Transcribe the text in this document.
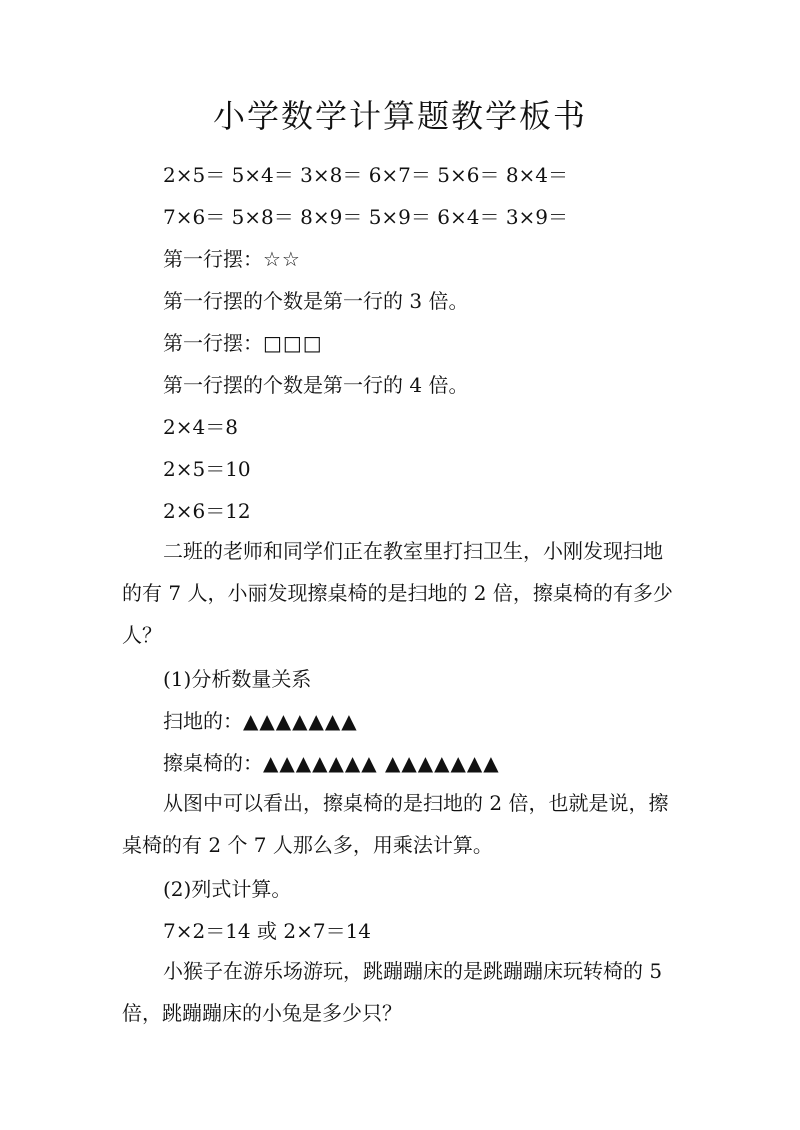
小学数学计算题教学板书
2×5＝ 5×4＝ 3×8＝ 6×7＝ 5×6＝ 8×4＝
7×6＝ 5×8＝ 8×9＝ 5×9＝ 6×4＝ 3×9＝
第一行摆：☆☆
第一行摆的个数是第一行的 3 倍。
第一行摆：□□□
第一行摆的个数是第一行的 4 倍。
2×4＝8
2×5＝10
2×6＝12

二班的老师和同学们正在教室里打扫卫生，小刚发现扫地的有 7 人，小丽发现擦桌椅的是扫地的 2 倍，擦桌椅的有多少人？

(1)分析数量关系
扫地的：▲▲▲▲▲▲▲
擦桌椅的：▲▲▲▲▲▲▲ ▲▲▲▲▲▲▲

从图中可以看出，擦桌椅的是扫地的 2 倍，也就是说，擦桌椅的有 2 个 7 人那么多，用乘法计算。

(2)列式计算。
7×2＝14 或 2×7＝14

小猴子在游乐场游玩，跳蹦蹦床的是跳蹦蹦床玩转椅的 5 倍，跳蹦蹦床的小兔是多少只？
